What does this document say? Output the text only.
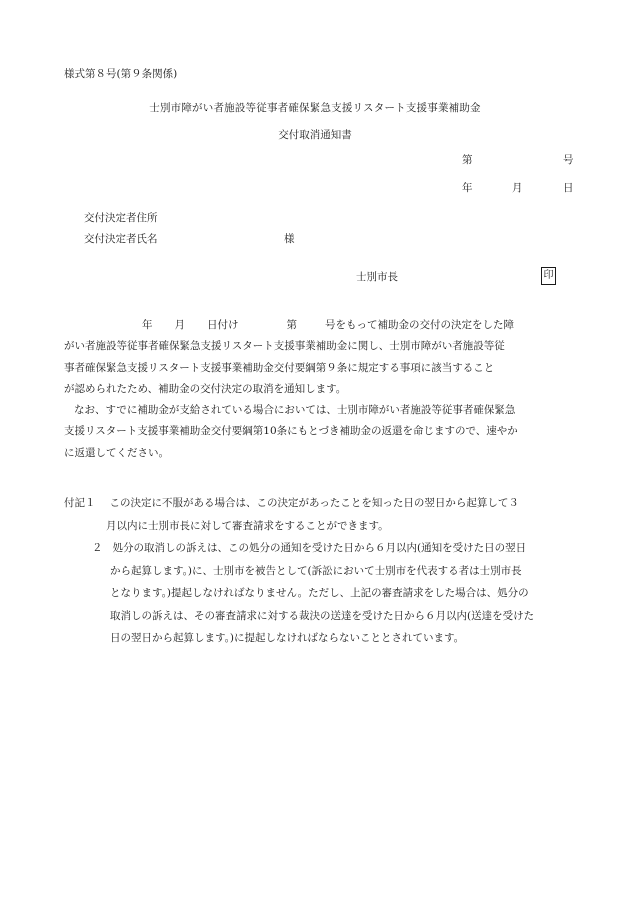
様式第８号(第９条関係)
士別市障がい者施設等従事者確保緊急支援リスタート支援事業補助金
交付取消通知書
第	号
年	月	日
交付決定者住所
交付決定者氏名	様
士別市長	印
年 月 日付け	第	号をもって補助金の交付の決定をした障
がい者施設等従事者確保緊急支援リスタート支援事業補助金に関し、士別市障がい者施設等従
事者確保緊急支援リスタート支援事業補助金交付要綱第９条に規定する事項に該当すること
が認められたため、補助金の交付決定の取消を通知します。
なお、すでに補助金が支給されている場合においては、士別市障がい者施設等従事者確保緊急
支援リスタート支援事業補助金交付要綱第10条にもとづき補助金の返還を命じますので、速やか
に返還してください。
付記１ この決定に不服がある場合は、この決定があったことを知った日の翌日から起算して３
月以内に士別市長に対して審査請求をすることができます。
２ 処分の取消しの訴えは、この処分の通知を受けた日から６月以内(通知を受けた日の翌日
から起算します。)に、士別市を被告として(訴訟において士別市を代表する者は士別市長
となります。)提起しなければなりません。ただし、上記の審査請求をした場合は、処分の
取消しの訴えは、その審査請求に対する裁決の送達を受けた日から６月以内(送達を受けた
日の翌日から起算します。)に提起しなければならないこととされています。
